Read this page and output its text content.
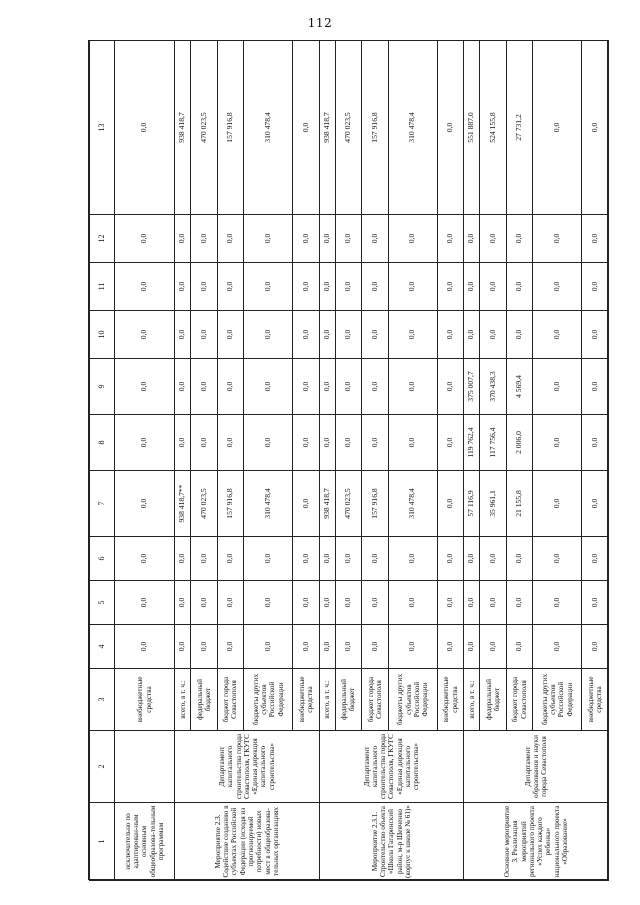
112
1	2	3	4	5	6	7	8	9	10	11	12	13
исключительно по адаптирован-ным основным общеобразова-тельным программам		внебюджетные средства	0,0	0,0	0,0	0,0	0,0	0,0	0,0	0,0	0,0	0,0
Мероприятие 2.3. Содействие созданию в субъектах Российской Федерации (исходя из прогнозируемой потребности) новых мест в общеобразова-тельных организациях	Департамент капитального строительства города Севастополя, ГКУГС «Единая дирекция капитального строительства»	всего, в т. ч.:	0,0	0,0	0,0	938 418,7**	0,0	0,0	0,0	0,0	0,0	938 418,7
		федеральный бюджет	0,0	0,0	0,0	470 023,5	0,0	0,0	0,0	0,0	0,0	470 023,5
		бюджет города Севастополя	0,0	0,0	0,0	157 916,8	0,0	0,0	0,0	0,0	0,0	157 916,8
		бюджеты других субъектов Российской Федерации	0,0	0,0	0,0	310 478,4	0,0	0,0	0,0	0,0	0,0	310 478,4
		внебюджетные средства	0,0	0,0	0,0	0,0	0,0	0,0	0,0	0,0	0,0	0,0
Мероприятие 2.3.1. Строительство объекта «Школа Гагаринский район, м-р Шевченко (корпус к школе № 61)»	Департамент капитального строительства города Севастополя, ГКУГС «Единая дирекция капитального строительства»	всего, в т. ч.:	0,0	0,0	0,0	938 418,7	0,0	0,0	0,0	0,0	0,0	938 418,7
		федеральный бюджет	0,0	0,0	0,0	470 023,5	0,0	0,0	0,0	0,0	0,0	470 023,5
		бюджет города Севастополя	0,0	0,0	0,0	157 916,8	0,0	0,0	0,0	0,0	0,0	157 916,8
		бюджеты других субъектов Российской Федерации	0,0	0,0	0,0	310 478,4	0,0	0,0	0,0	0,0	0,0	310 478,4
		внебюджетные средства	0,0	0,0	0,0	0,0	0,0	0,0	0,0	0,0	0,0	0,0
Основное мероприятие 3. Реализация мероприятий регионального проекта «Успех каждого ребенка» национального проекта «Образование»	Департамент образования и науки города Севастополя	всего, в т. ч.:	0,0	0,0	0,0	57 116,9	119 762,4	375 007,7	0,0	0,0	0,0	551 887,0
		федеральный бюджет	0,0	0,0	0,0	35 961,1	117 756,4	370 438,3	0,0	0,0	0,0	524 155,8
		бюджет города Севастополя	0,0	0,0	0,0	21 155,8	2 006,0	4 569,4	0,0	0,0	0,0	27 731,2
		бюджеты других субъектов Российской Федерации	0,0	0,0	0,0	0,0	0,0	0,0	0,0	0,0	0,0	0,0
		внебюджетные средства	0,0	0,0	0,0	0,0	0,0	0,0	0,0	0,0	0,0	0,0
